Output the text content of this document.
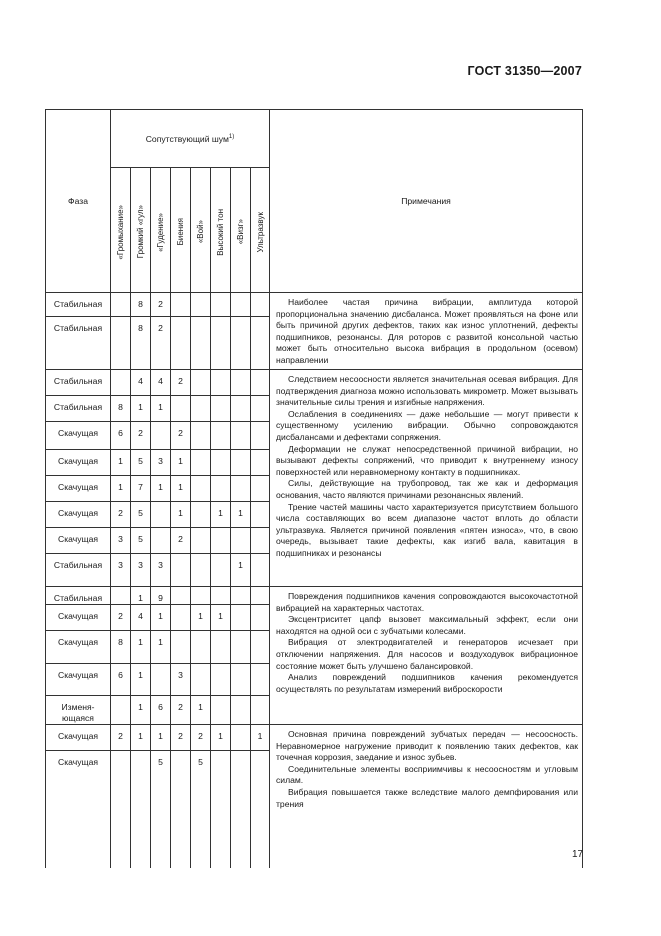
ГОСТ 31350—2007
Фаза	Сопутствующий шум$^{1)}$								Примечания

	«Громыхание»	Громкий «гул»	«Гудение»	Биения	«Вой»	Высокий тон	«Визг»	Ультразвук	

Стабильная		8	2						Наиболее частая причина вибрации, амплитуда которой пропорциональна значению дисбаланса. Может проявляться на фоне или быть причиной других дефектов, таких как износ уплотнений, дефекты подшипников, резонансы. Для роторов с развитой консольной частью может быть относительно высока вибрация в продольном (осевом) направлении

Стабильная		8	2						
Стабильная		4	4	2					Следствием несоосности является значительная осевая вибрация. Для подтверждения диагноза можно использовать микрометр. Может вызывать значительные силы трения и изгибные напряжения.

Ослабления в соединениях — даже небольшие — могут привести к существенному усилению вибрации. Обычно сопровождаются дисбалансами и дефектами сопряжения.

Деформации не служат непосредственной причиной вибрации, но вызывают дефекты сопряжений, что приводит к внутреннему износу поверхностей или неравномерному контакту в подшипниках.

Силы, действующие на трубопровод, так же как и деформация основания, часто являются причинами резонансных явлений.

Трение частей машины часто характеризуется присутствием большого числа составляющих во всем диапазоне частот вплоть до области ультразвука. Является причиной появления «пятен износа», что, в свою очередь, вызывает такие дефекты, как изгиб вала, кавитация в подшипниках и резонансы

Стабильная	8	1	1						
Скачущая	6	2		2					
Скачущая	1	5	3	1					
Скачущая	1	7	1	1					
Скачущая	2	5		1		1	1		
Скачущая	3	5		2					
Стабильная	3	3	3				1		
Стабильная		1	9						Повреждения подшипников качения сопровождаются высокочастотной вибрацией на характерных частотах.

Эксцентриситет цапф вызовет максимальный эффект, если они находятся на одной оси с зубчатыми колесами.

Вибрация от электродвигателей и генераторов исчезает при отключении напряжения. Для насосов и воздуходувок вибрационное состояние может быть улучшено балансировкой.

Анализ повреждений подшипников качения рекомендуется осуществлять по результатам измерений виброскорости

Скачущая	2	4	1		1	1			
Скачущая	8	1	1						
Скачущая	6	1		3					
Изменя-ющаяся		1	6	2	1				
Скачущая	2	1	1	2	2	1		1	Основная причина повреждений зубчатых передач — несоосность. Неравномерное нагружение приводит к появлению таких дефектов, как точечная коррозия, заедание и износ зубьев.

Соединительные элементы восприимчивы к несоосностям и угловым силам.

Вибрация повышается также вследствие малого демпфирования или трения

Скачущая			5		5				

17
